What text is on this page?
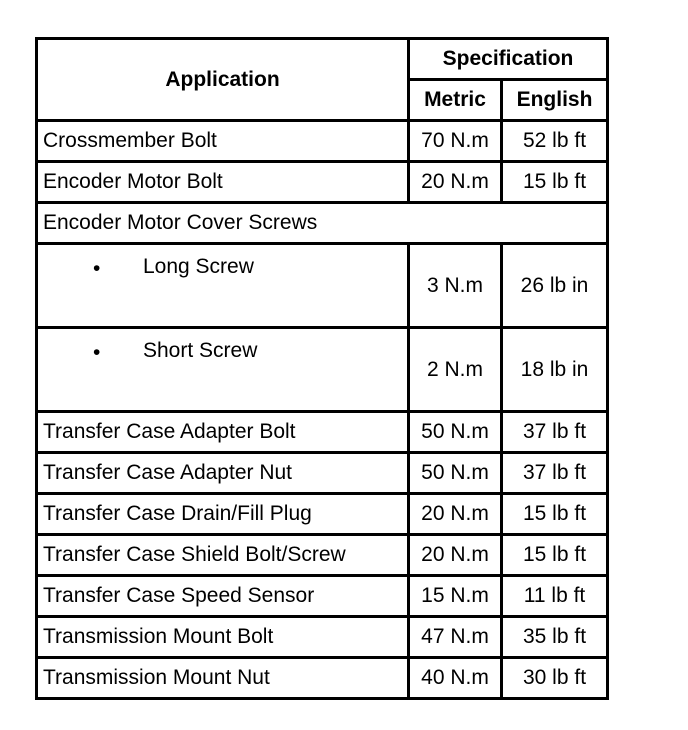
Application	Specification	
	Metric	English
Crossmember Bolt	70 N.m	52 lb ft
Encoder Motor Bolt	20 N.m	15 lb ft
Encoder Motor Cover Screws		

• Long Screw	3 N.m	26 lb in

• Short Screw	2 N.m	18 lb in
Transfer Case Adapter Bolt	50 N.m	37 lb ft
Transfer Case Adapter Nut	50 N.m	37 lb ft
Transfer Case Drain/Fill Plug	20 N.m	15 lb ft
Transfer Case Shield Bolt/Screw	20 N.m	15 lb ft
Transfer Case Speed Sensor	15 N.m	11 lb ft
Transmission Mount Bolt	47 N.m	35 lb ft
Transmission Mount Nut	40 N.m	30 lb ft
